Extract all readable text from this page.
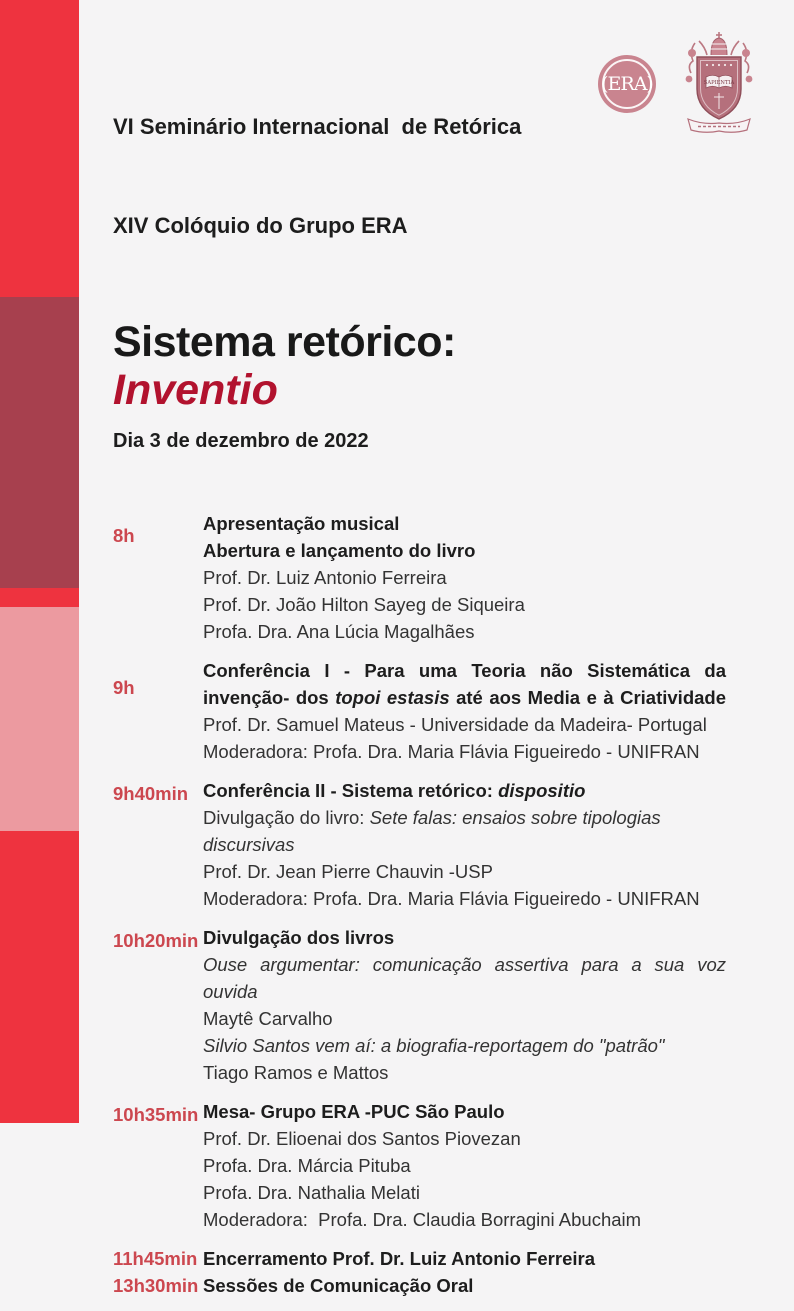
(ERA)	SAPIENTIA

VI Seminário Internacional  de Retórica

XIV Colóquio do Grupo ERA

Sistema retórico:
Inventio
Dia 3 de dezembro de 2022
8h

Apresentação musical

Abertura e lançamento do livro

Prof. Dr. Luiz Antonio Ferreira

Prof. Dr. João Hilton Sayeg de Siqueira

Profa. Dra. Ana Lúcia Magalhães

9h

Conferência I - Para uma Teoria não Sistemática da
invenção- dos topoi estasis até aos Media e à Criatividade

Prof. Dr. Samuel Mateus - Universidade da Madeira- Portugal

Moderadora: Profa. Dra. Maria Flávia Figueiredo - UNIFRAN

9h40min Conferência II - Sistema retórico: dispositio

Divulgação do livro: Sete falas: ensaios sobre tipologias discursivas

Prof. Dr. Jean Pierre Chauvin -USP

Moderadora: Profa. Dra. Maria Flávia Figueiredo - UNIFRAN

10h20min Divulgação dos livros

Ouse argumentar: comunicação assertiva para a sua voz ouvida

Maytê Carvalho

Silvio Santos vem aí: a biografia-reportagem do "patrão"

Tiago Ramos e Mattos

10h35min Mesa- Grupo ERA -PUC São Paulo

Prof. Dr. Elioenai dos Santos Piovezan

Profa. Dra. Márcia Pituba

Profa. Dra. Nathalia Melati

Moderadora:  Profa. Dra. Claudia Borragini Abuchaim

11h45min
13h30min

Encerramento Prof. Dr. Luiz Antonio Ferreira

Sessões de Comunicação Oral
